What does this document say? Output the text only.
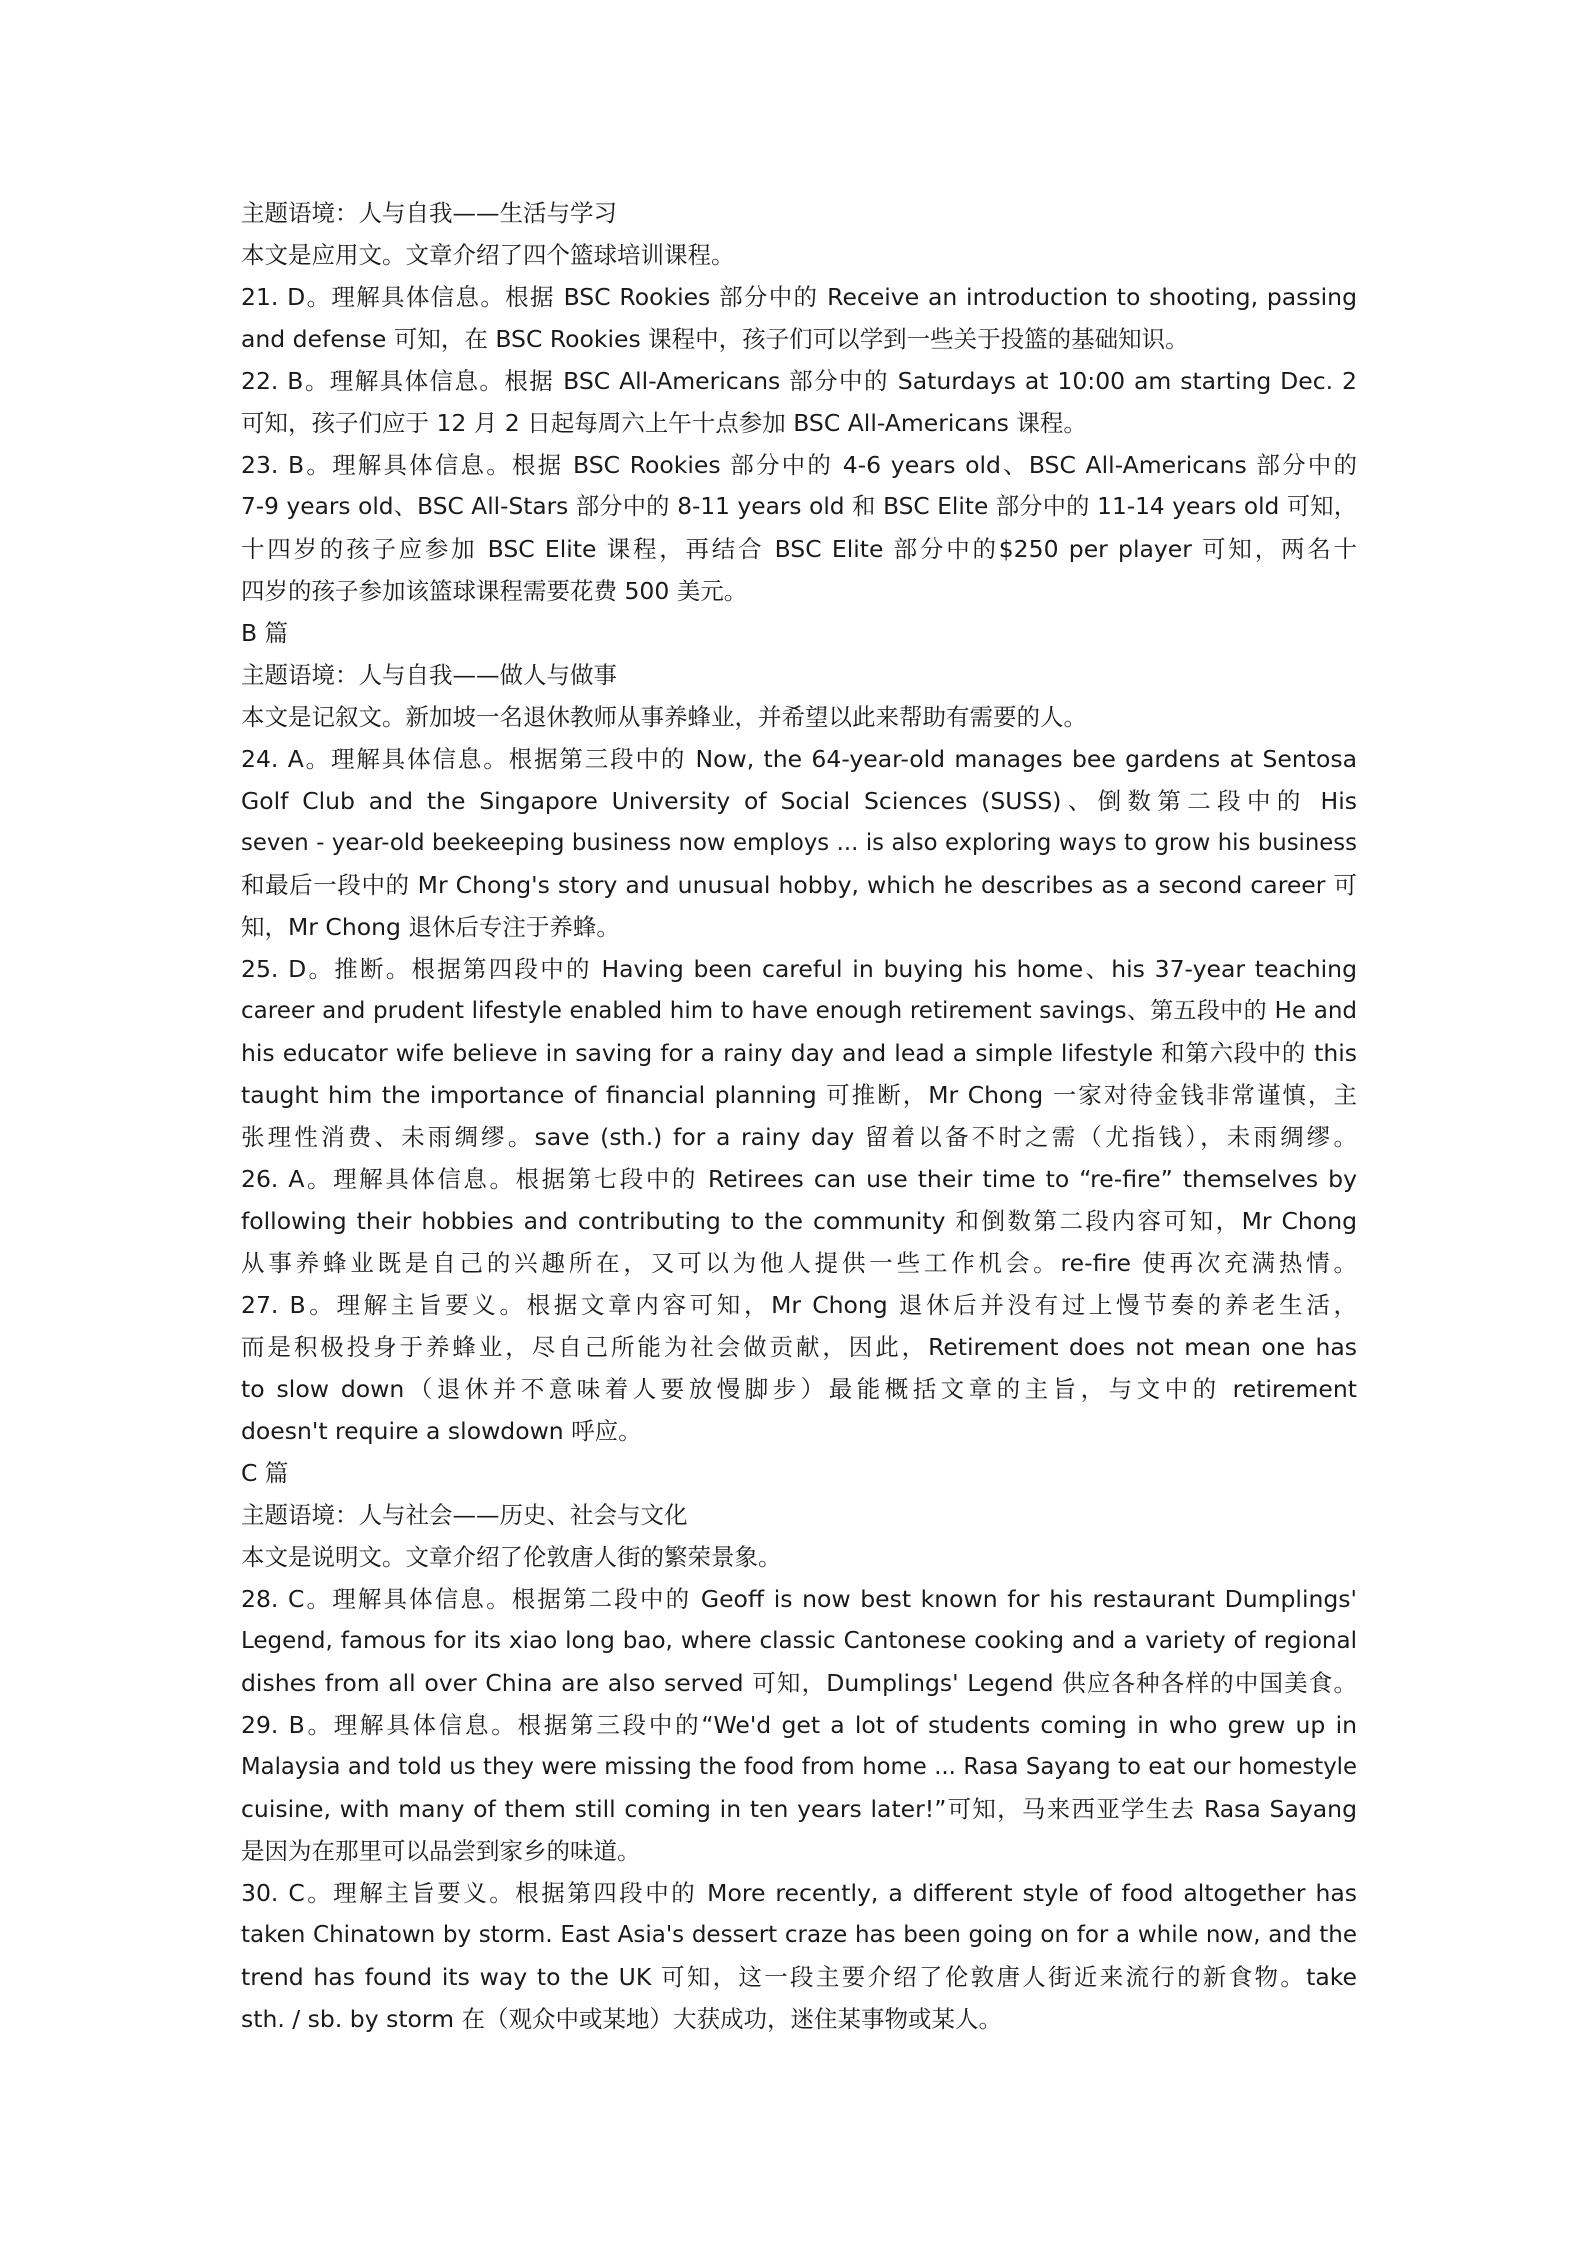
主题语境：人与自我——生活与学习
本文是应用文。文章介绍了四个篮球培训课程。
21. D。理解具体信息。根据 BSC Rookies 部分中的 Receive an introduction to shooting, passing
and defense 可知，在 BSC Rookies 课程中，孩子们可以学到一些关于投篮的基础知识。
22. B。理解具体信息。根据 BSC All-Americans 部分中的 Saturdays at 10:00 am starting Dec. 2
可知，孩子们应于 12 月 2 日起每周六上午十点参加 BSC All-Americans 课程。
23. B。理解具体信息。根据 BSC Rookies 部分中的 4-6 years old、BSC All-Americans 部分中的
7-9 years old、BSC All-Stars 部分中的 8-11 years old 和 BSC Elite 部分中的 11-14 years old 可知，
十四岁的孩子应参加 BSC Elite 课程，再结合 BSC Elite 部分中的$250 per player 可知，两名十
四岁的孩子参加该篮球课程需要花费 500 美元。
B 篇
主题语境：人与自我——做人与做事
本文是记叙文。新加坡一名退休教师从事养蜂业，并希望以此来帮助有需要的人。
24. A。理解具体信息。根据第三段中的 Now, the 64-year-old manages bee gardens at Sentosa
Golf Club and the Singapore University of Social Sciences (SUSS)、倒数第二段中的 His
seven - year-old beekeeping business now employs ... is also exploring ways to grow his business
和最后一段中的 Mr Chong's story and unusual hobby, which he describes as a second career 可
知，Mr Chong 退休后专注于养蜂。
25. D。推断。根据第四段中的 Having been careful in buying his home、his 37-year teaching
career and prudent lifestyle enabled him to have enough retirement savings、第五段中的 He and
his educator wife believe in saving for a rainy day and lead a simple lifestyle 和第六段中的 this
taught him the importance of financial planning 可推断，Mr Chong 一家对待金钱非常谨慎，主
张理性消费、未雨绸缪。save (sth.) for a rainy day 留着以备不时之需（尤指钱），未雨绸缪。
26. A。理解具体信息。根据第七段中的 Retirees can use their time to “re-fire” themselves by
following their hobbies and contributing to the community 和倒数第二段内容可知，Mr Chong
从事养蜂业既是自己的兴趣所在，又可以为他人提供一些工作机会。re-fire 使再次充满热情。
27. B。理解主旨要义。根据文章内容可知，Mr Chong 退休后并没有过上慢节奏的养老生活，
而是积极投身于养蜂业，尽自己所能为社会做贡献，因此，Retirement does not mean one has
to slow down（退休并不意味着人要放慢脚步）最能概括文章的主旨，与文中的 retirement
doesn't require a slowdown 呼应。
C 篇
主题语境：人与社会——历史、社会与文化
本文是说明文。文章介绍了伦敦唐人街的繁荣景象。
28. C。理解具体信息。根据第二段中的 Geoff is now best known for his restaurant Dumplings'
Legend, famous for its xiao long bao, where classic Cantonese cooking and a variety of regional
dishes from all over China are also served 可知，Dumplings' Legend 供应各种各样的中国美食。
29. B。理解具体信息。根据第三段中的“We'd get a lot of students coming in who grew up in
Malaysia and told us they were missing the food from home ... Rasa Sayang to eat our homestyle
cuisine, with many of them still coming in ten years later!”可知，马来西亚学生去 Rasa Sayang
是因为在那里可以品尝到家乡的味道。
30. C。理解主旨要义。根据第四段中的 More recently, a different style of food altogether has
taken Chinatown by storm. East Asia's dessert craze has been going on for a while now, and the
trend has found its way to the UK 可知，这一段主要介绍了伦敦唐人街近来流行的新食物。take
sth. / sb. by storm 在（观众中或某地）大获成功，迷住某事物或某人。
